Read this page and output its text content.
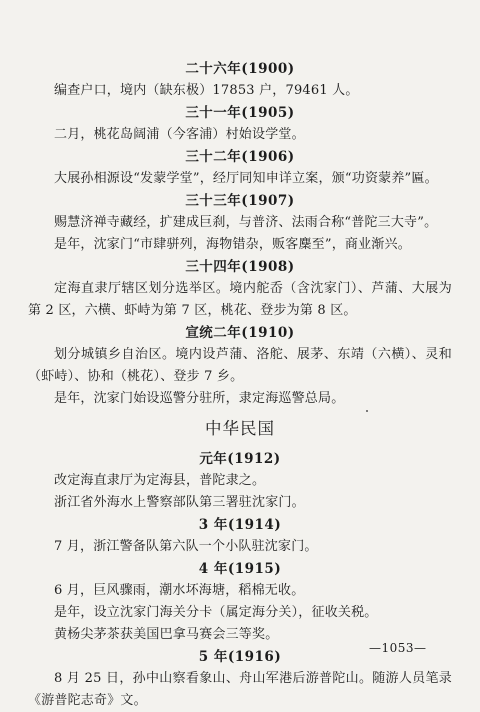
二十六年(1900)
编查户口，境内（缺东极）17853 户，79461 人。
三十一年(1905)
二月，桃花岛阔浦（今客浦）村始设学堂。
三十二年(1906)
大展孙相源设“发蒙学堂”，经厅同知申详立案，颁“功资蒙养”匾。
三十三年(1907)
赐慧济禅寺藏经，扩建成巨刹，与普济、法雨合称“普陀三大寺”。
是年，沈家门“市肆骈列，海物错杂，贩客麇至”，商业渐兴。
三十四年(1908)
定海直隶厅辖区划分选举区。境内舵岙（含沈家门）、芦蒲、大展为第 2 区，六横、虾峙为第 7 区，桃花、登步为第 8 区。
宣统二年(1910)
划分城镇乡自治区。境内设芦蒲、洛舵、展茅、东靖（六横）、灵和（虾峙）、协和（桃花）、登步 7 乡。
是年，沈家门始设巡警分驻所，隶定海巡警总局。
中华民国
元年(1912)
改定海直隶厅为定海县，普陀隶之。
浙江省外海水上警察部队第三署驻沈家门。
3 年(1914)
7 月，浙江警备队第六队一个小队驻沈家门。
4 年(1915)
6 月，巨风骤雨，潮水坏海塘，稻棉无收。
是年，设立沈家门海关分卡（属定海分关），征收关税。
黄杨尖茅茶获美国巴拿马赛会三等奖。
5 年(1916)
8 月 25 日，孙中山察看象山、舟山军港后游普陀山。随游人员笔录《游普陀志奇》文。
—1053—
